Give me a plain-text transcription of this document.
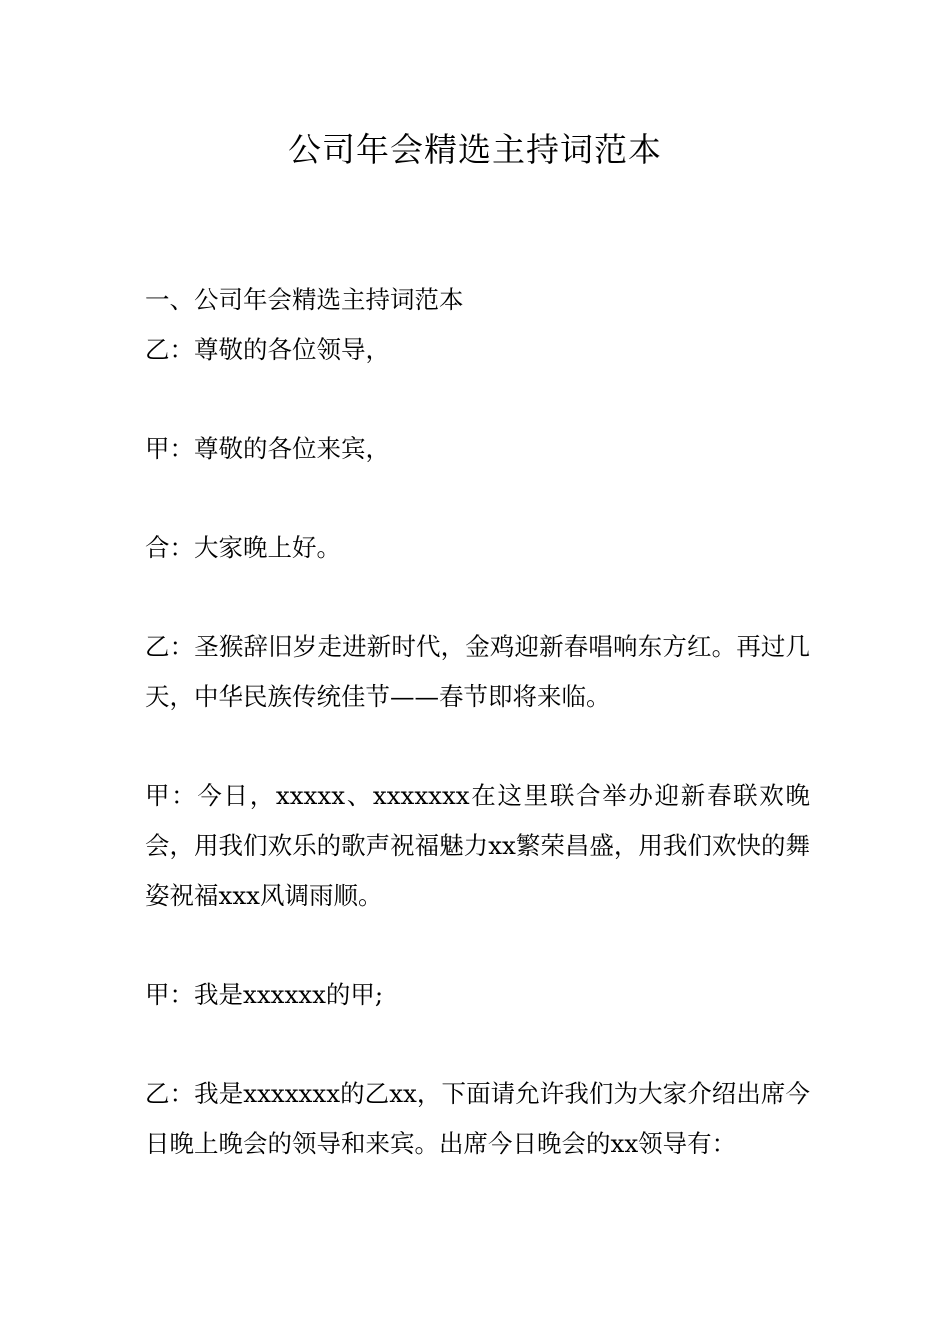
公司年会精选主持词范本

一、公司年会精选主持词范本

乙：尊敬的各位领导，

甲：尊敬的各位来宾，

合：大家晚上好。

乙：圣猴辞旧岁走进新时代，金鸡迎新春唱响东方红。再过几天，中华民族传统佳节——春节即将来临。

甲：今日，xxxxx、xxxxxxx在这里联合举办迎新春联欢晚会，用我们欢乐的歌声祝福魅力xx繁荣昌盛，用我们欢快的舞姿祝福xxx风调雨顺。

甲：我是xxxxxx的甲;

乙：我是xxxxxxx的乙xx，下面请允许我们为大家介绍出席今日晚上晚会的领导和来宾。出席今日晚会的xx领导有：
